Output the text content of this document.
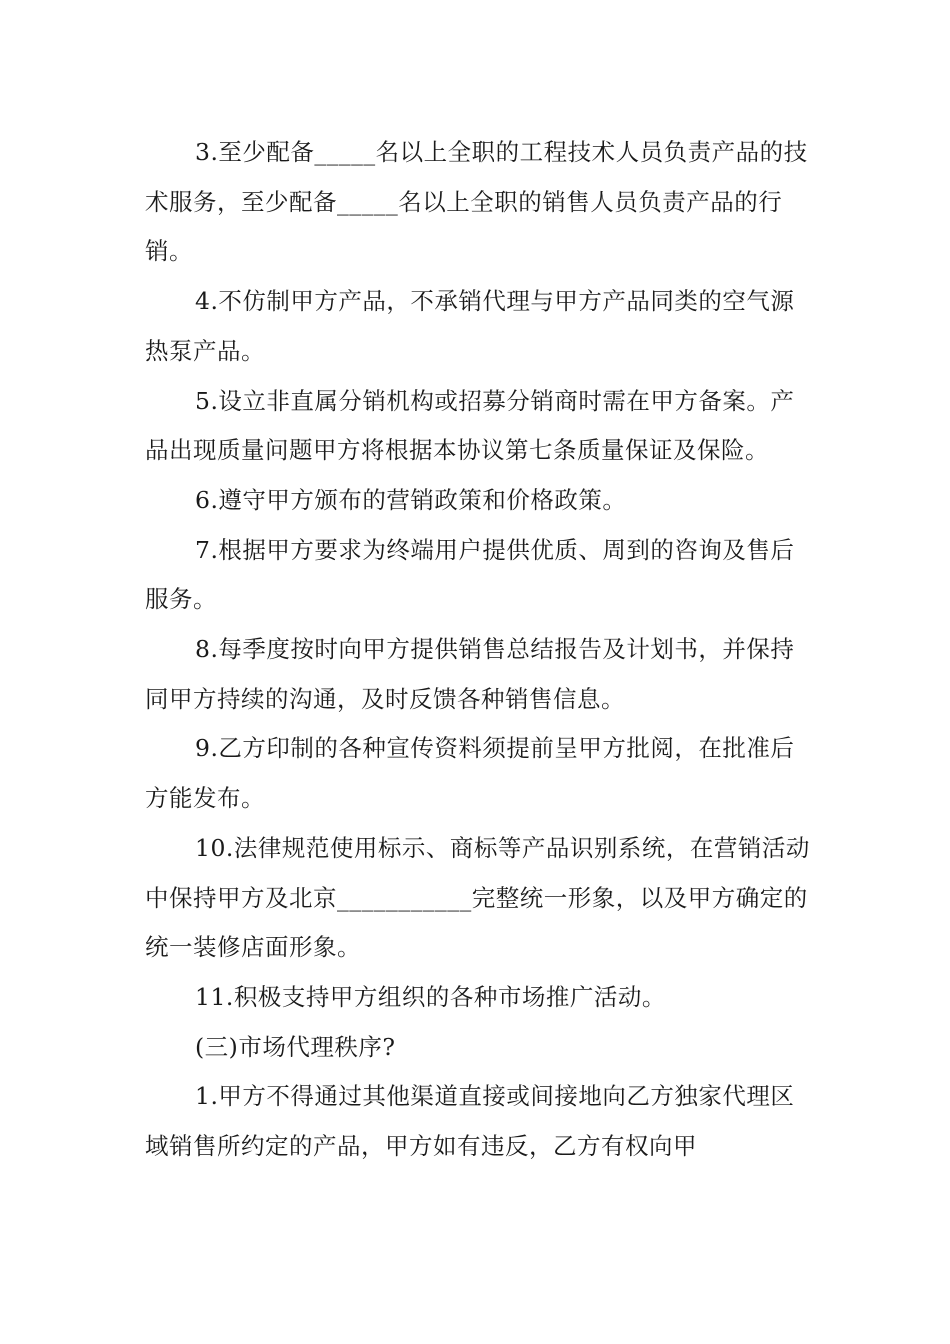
3.至少配备_____名以上全职的工程技术人员负责产品的技术服务，至少配备_____名以上全职的销售人员负责产品的行销。

4.不仿制甲方产品，不承销代理与甲方产品同类的空气源热泵产品。

5.设立非直属分销机构或招募分销商时需在甲方备案。产品出现质量问题甲方将根据本协议第七条质量保证及保险。

6.遵守甲方颁布的营销政策和价格政策。

7.根据甲方要求为终端用户提供优质、周到的咨询及售后服务。

8.每季度按时向甲方提供销售总结报告及计划书，并保持同甲方持续的沟通，及时反馈各种销售信息。

9.乙方印制的各种宣传资料须提前呈甲方批阅，在批准后方能发布。

10.法律规范使用标示、商标等产品识别系统，在营销活动中保持甲方及北京___________完整统一形象，以及甲方确定的统一装修店面形象。

11.积极支持甲方组织的各种市场推广活动。

(三)市场代理秩序?

1.甲方不得通过其他渠道直接或间接地向乙方独家代理区域销售所约定的产品，甲方如有违反，乙方有权向甲
